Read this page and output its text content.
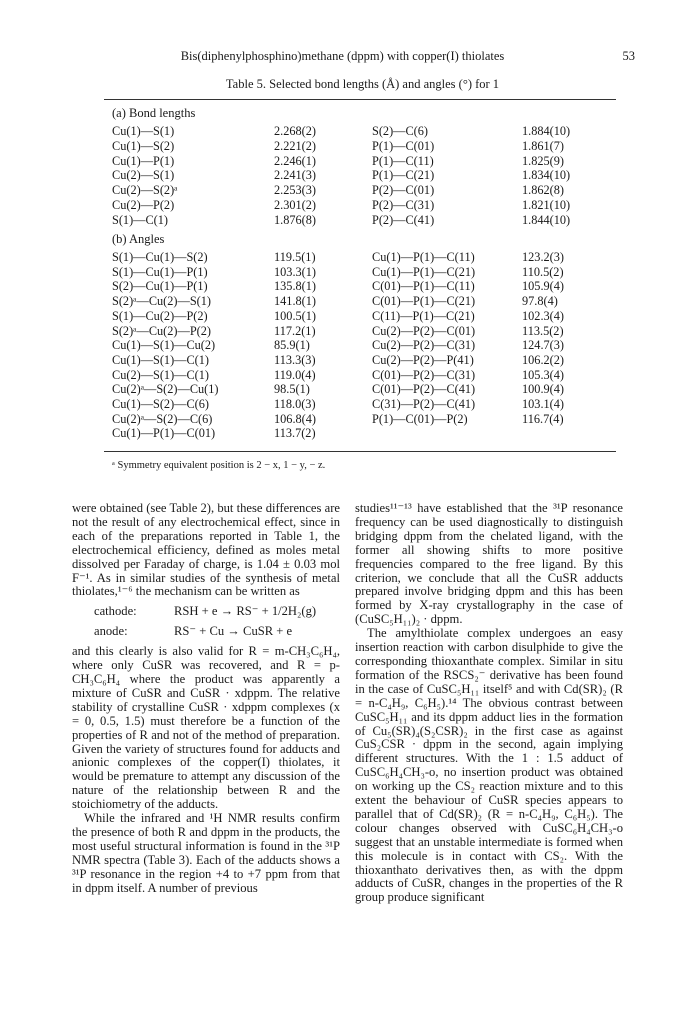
Bis(diphenylphosphino)methane (dppm) with copper(I) thiolates	53
Table 5. Selected bond lengths (Å) and angles (°) for 1
(a) Bond lengths
Cu(1)—S(1)	2.268(2)	S(2)—C(6)	1.884(10)
Cu(1)—S(2)	2.221(2)	P(1)—C(01)	1.861(7)
Cu(1)—P(1)	2.246(1)	P(1)—C(11)	1.825(9)
Cu(2)—S(1)	2.241(3)	P(1)—C(21)	1.834(10)
Cu(2)—S(2)ᵃ	2.253(3)	P(2)—C(01)	1.862(8)
Cu(2)—P(2)	2.301(2)	P(2)—C(31)	1.821(10)
S(1)—C(1)	1.876(8)	P(2)—C(41)	1.844(10)
(b) Angles
S(1)—Cu(1)—S(2)	119.5(1)	Cu(1)—P(1)—C(11)	123.2(3)
S(1)—Cu(1)—P(1)	103.3(1)	Cu(1)—P(1)—C(21)	110.5(2)
S(2)—Cu(1)—P(1)	135.8(1)	C(01)—P(1)—C(11)	105.9(4)
S(2)ᵃ—Cu(2)—S(1)	141.8(1)	C(01)—P(1)—C(21)	97.8(4)
S(1)—Cu(2)—P(2)	100.5(1)	C(11)—P(1)—C(21)	102.3(4)
S(2)ᵃ—Cu(2)—P(2)	117.2(1)	Cu(2)—P(2)—C(01)	113.5(2)
Cu(1)—S(1)—Cu(2)	85.9(1)	Cu(2)—P(2)—C(31)	124.7(3)
Cu(1)—S(1)—C(1)	113.3(3)	Cu(2)—P(2)—P(41)	106.2(2)
Cu(2)—S(1)—C(1)	119.0(4)	C(01)—P(2)—C(31)	105.3(4)
Cu(2)ᵃ—S(2)—Cu(1)	98.5(1)	C(01)—P(2)—C(41)	100.9(4)
Cu(1)—S(2)—C(6)	118.0(3)	C(31)—P(2)—C(41)	103.1(4)
Cu(2)ᵃ—S(2)—C(6)	106.8(4)	P(1)—C(01)—P(2)	116.7(4)
Cu(1)—P(1)—C(01)	113.7(2)
ᵃ Symmetry equivalent position is 2 − x, 1 − y, − z.

were obtained (see Table 2), but these differences are not the result of any electrochemical effect, since in each of the preparations reported in Table 1, the electrochemical efficiency, defined as moles metal dissolved per Faraday of charge, is 1.04 ± 0.03 mol F⁻¹. As in similar studies of the synthesis of metal thiolates,¹⁻⁶ the mechanism can be written as

cathode:	RSH + e → RS⁻ + 1/2H₂(g)
anode:	RS⁻ + Cu → CuSR + e

and this clearly is also valid for R = m-CH₃C₆H₄, where only CuSR was recovered, and R = p-CH₃C₆H₄ where the product was apparently a mixture of CuSR and CuSR · xdppm. The relative stability of crystalline CuSR · xdppm complexes (x = 0, 0.5, 1.5) must therefore be a function of the properties of R and not of the method of preparation. Given the variety of structures found for adducts and anionic complexes of the copper(I) thiolates, it would be premature to attempt any discussion of the nature of the relationship between R and the stoichiometry of the adducts.

While the infrared and ¹H NMR results confirm the presence of both R and dppm in the products, the most useful structural information is found in the ³¹P NMR spectra (Table 3). Each of the adducts shows a ³¹P resonance in the region +4 to +7 ppm from that in dppm itself. A number of previous

studies¹¹⁻¹³ have established that the ³¹P resonance frequency can be used diagnostically to distinguish bridging dppm from the chelated ligand, with the former all showing shifts to more positive frequencies compared to the free ligand. By this criterion, we conclude that all the CuSR adducts prepared involve bridging dppm and this has been formed by X-ray crystallography in the case of (CuSC₅H₁₁)₂ · dppm.

The amylthiolate complex undergoes an easy insertion reaction with carbon disulphide to give the corresponding thioxanthate complex. Similar in situ formation of the RSCS₂⁻ derivative has been found in the case of CuSC₅H₁₁ itself⁵ and with Cd(SR)₂ (R = n-C₄H₉, C₆H₅).¹⁴ The obvious contrast between CuSC₅H₁₁ and its dppm adduct lies in the formation of Cu₅(SR)₄(S₂CSR)₂ in the first case as against CuS₂CSR · dppm in the second, again implying different structures. With the 1 : 1.5 adduct of CuSC₆H₄CH₃-o, no insertion product was obtained on working up the CS₂ reaction mixture and to this extent the behaviour of CuSR species appears to parallel that of Cd(SR)₂ (R = n-C₄H₉, C₆H₅). The colour changes observed with CuSC₆H₄CH₃-o suggest that an unstable intermediate is formed when this molecule is in contact with CS₂. With the thioxanthato derivatives then, as with the dppm adducts of CuSR, changes in the properties of the R group produce significant
